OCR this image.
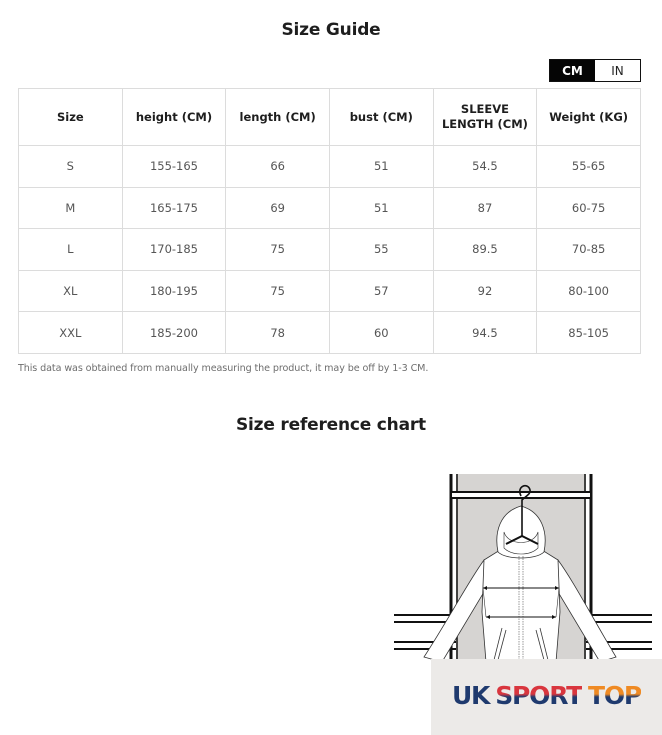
Size Guide
CM	IN
Size	height (CM)	length (CM)	bust (CM)	SLEEVE LENGTH (CM)	Weight (KG)
S	155-165	66	51	54.5	55-65
M	165-175	69	51	87	60-75
L	170-185	75	55	89.5	70-85
XL	180-195	75	57	92	80-100
XXL	185-200	78	60	94.5	85-105
This data was obtained from manually measuring the product, it may be off by 1-3 CM.
Size reference chart
UK SPORT TOP
